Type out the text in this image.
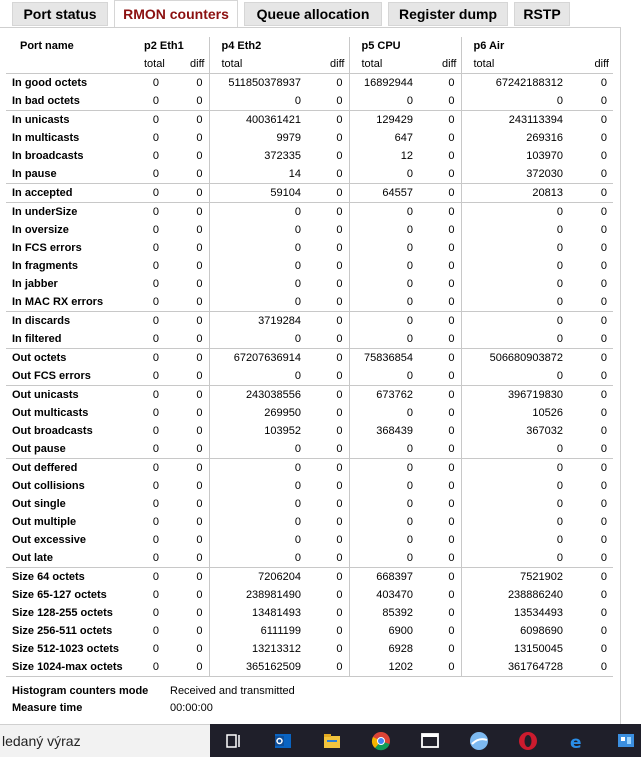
Port status	RMON counters	Queue allocation	Register dump	RSTP
Port name	p2 Eth1		p4 Eth2		p5 CPU		p6 Air	
	total	diff	total	diff	total	diff	total	diff
In good octets	0	0	511850378937	0	16892944	0	67242188312	0
In bad octets	0	0	0	0	0	0	0	0
In unicasts	0	0	400361421	0	129429	0	243113394	0
In multicasts	0	0	9979	0	647	0	269316	0
In broadcasts	0	0	372335	0	12	0	103970	0
In pause	0	0	14	0	0	0	372030	0
In accepted	0	0	59104	0	64557	0	20813	0
In underSize	0	0	0	0	0	0	0	0
In oversize	0	0	0	0	0	0	0	0
In FCS errors	0	0	0	0	0	0	0	0
In fragments	0	0	0	0	0	0	0	0
In jabber	0	0	0	0	0	0	0	0
In MAC RX errors	0	0	0	0	0	0	0	0
In discards	0	0	3719284	0	0	0	0	0
In filtered	0	0	0	0	0	0	0	0
Out octets	0	0	67207636914	0	75836854	0	506680903872	0
Out FCS errors	0	0	0	0	0	0	0	0
Out unicasts	0	0	243038556	0	673762	0	396719830	0
Out multicasts	0	0	269950	0	0	0	10526	0
Out broadcasts	0	0	103952	0	368439	0	367032	0
Out pause	0	0	0	0	0	0	0	0
Out deffered	0	0	0	0	0	0	0	0
Out collisions	0	0	0	0	0	0	0	0
Out single	0	0	0	0	0	0	0	0
Out multiple	0	0	0	0	0	0	0	0
Out excessive	0	0	0	0	0	0	0	0
Out late	0	0	0	0	0	0	0	0
Size 64 octets	0	0	7206204	0	668397	0	7521902	0
Size 65-127 octets	0	0	238981490	0	403470	0	238886240	0
Size 128-255 octets	0	0	13481493	0	85392	0	13534493	0
Size 256-511 octets	0	0	6111199	0	6900	0	6098690	0
Size 512-1023 octets	0	0	13213312	0	6928	0	13150045	0
Size 1024-max octets	0	0	365162509	0	1202	0	361764728	0
Histogram counters mode Received and transmitted
Measure time	00:00:00
ledaný výraz	e
